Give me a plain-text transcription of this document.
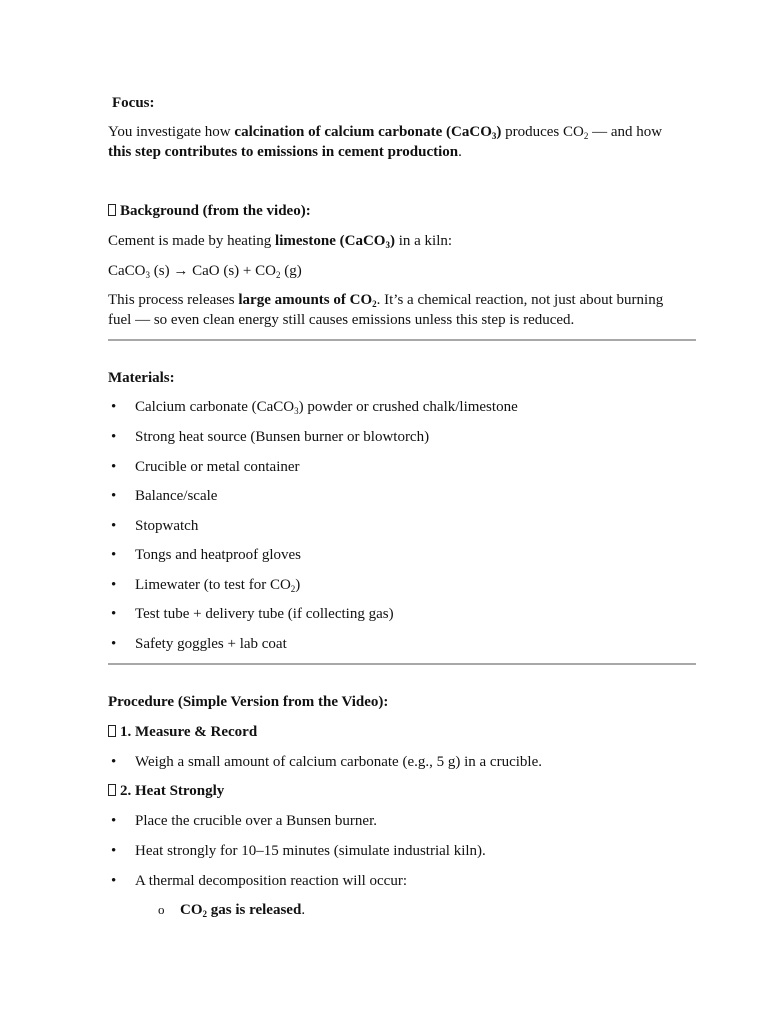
Focus:
You investigate how calcination of calcium carbonate (CaCO$_3$) produces $CO_2$ — and how
this step contributes to emissions in cement production.
Background (from the video):
Cement is made by heating limestone (CaCO$_3$) in a kiln:
CaCO$_3$ (s) → CaO $(s) + CO_2$ (g)
This process releases large amounts of $CO_2$. It’s a chemical reaction, not just about burning
fuel — so even clean energy still causes emissions unless this step is reduced.
Materials:
• Calcium carbonate (CaCO$_3$) powder or crushed chalk/limestone
• Strong heat source (Bunsen burner or blowtorch)
• Crucible or metal container
• Balance/scale
• Stopwatch
• Tongs and heatproof gloves
• Limewater (to test for $CO_2$)
• Test tube + delivery tube (if collecting gas)
• Safety goggles + lab coat
Procedure (Simple Version from the Video):
1. Measure & Record
• Weigh a small amount of calcium carbonate (e.g., 5 g) in a crucible.
2. Heat Strongly
• Place the crucible over a Bunsen burner.
• Heat strongly for 10–15 minutes (simulate industrial kiln).
• A thermal decomposition reaction will occur:
o $CO_2$ gas is released.
